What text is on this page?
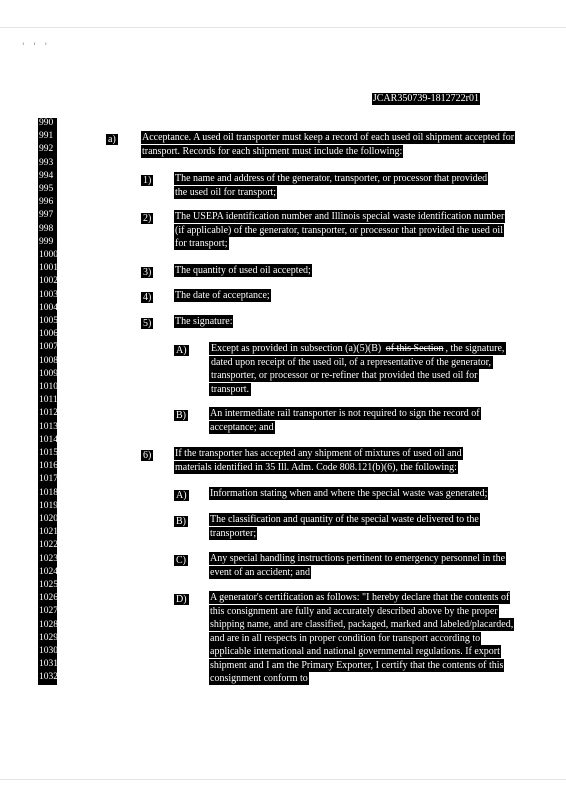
' ' '
JCAR350739-1812722r01
990
991
992
993
994
995
996
997
998
999
1000
1001
1002
1003
1004
1005
1006
1007
1008
1009
1010
1011
1012
1013
1014
1015
1016
1017
1018
1019
1020
1021
1022
1023
1024
1025
1026
1027
1028
1029
1030
1031
1032
a)	Acceptance. A used oil transporter must keep a record of each used oil shipment accepted for transport. Records for each shipment must include the following:
1) The name and address of the generator, transporter, or processor that provided the used oil for transport;
2) The USEPA identification number and Illinois special waste identification number (if applicable) of the generator, transporter, or processor that provided the used oil for transport;
3) The quantity of used oil accepted;
4) The date of acceptance;
5) The signature:
A) Except as provided in subsection (a)(5)(B) of this Section , the signature, dated upon receipt of the used oil, of a representative of the generator, transporter, or processor or re-refiner that provided the used oil for transport.
B) An intermediate rail transporter is not required to sign the record of acceptance; and
6) If the transporter has accepted any shipment of mixtures of used oil and materials identified in 35 Ill. Adm. Code 808.121(b)(6), the following:
A) Information stating when and where the special waste was generated;
B) The classification and quantity of the special waste delivered to the transporter;
C) Any special handling instructions pertinent to emergency personnel in the event of an accident; and
D) A generator's certification as follows: "I hereby declare that the contents of this consignment are fully and accurately described above by the proper shipping name, and are classified, packaged, marked and labeled/placarded, and are in all respects in proper condition for transport according to applicable international and national governmental regulations. If export shipment and I am the Primary Exporter, I certify that the contents of this consignment conform to
